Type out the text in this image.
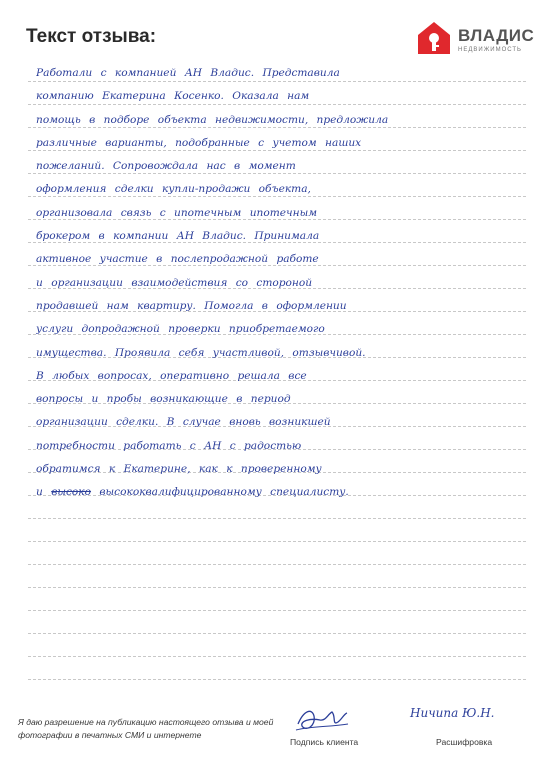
Текст отзыва:	ВЛАДИС
НЕДВИЖИМОСТЬ
Работали с компанией АН Владис. Представила
компанию Екатерина Косенко. Оказала нам
помощь в подборе объекта недвижимости, предложила
различные варианты, подобранные с учетом наших
пожеланий. Сопровождала нас в момент
оформления сделки купли-продажи объекта,
организовала связь с ипотечным ипотечным
брокером в компании АН Владис. Принимала
активное участие в послепродажной работе
и организации взаимодействия со стороной
продавшей нам квартиру. Помогла в оформлении
услуги допродажной проверки приобретаемого
имущества. Проявила себя участливой, отзывчивой.
В любых вопросах, оперативно решала все
вопросы и пробы возникающие в период
организации сделки. В случае вновь возникшей
потребности работать с АН с радостью
обратимся к Екатерине, как к проверенному
и высоко высококвалифицированному специалисту.
Я даю разрешение на публикацию настоящего отзыва и моей фотографии в печатных СМИ и интернете
Подпись клиента
Ничипа Ю.Н.
Расшифровка
